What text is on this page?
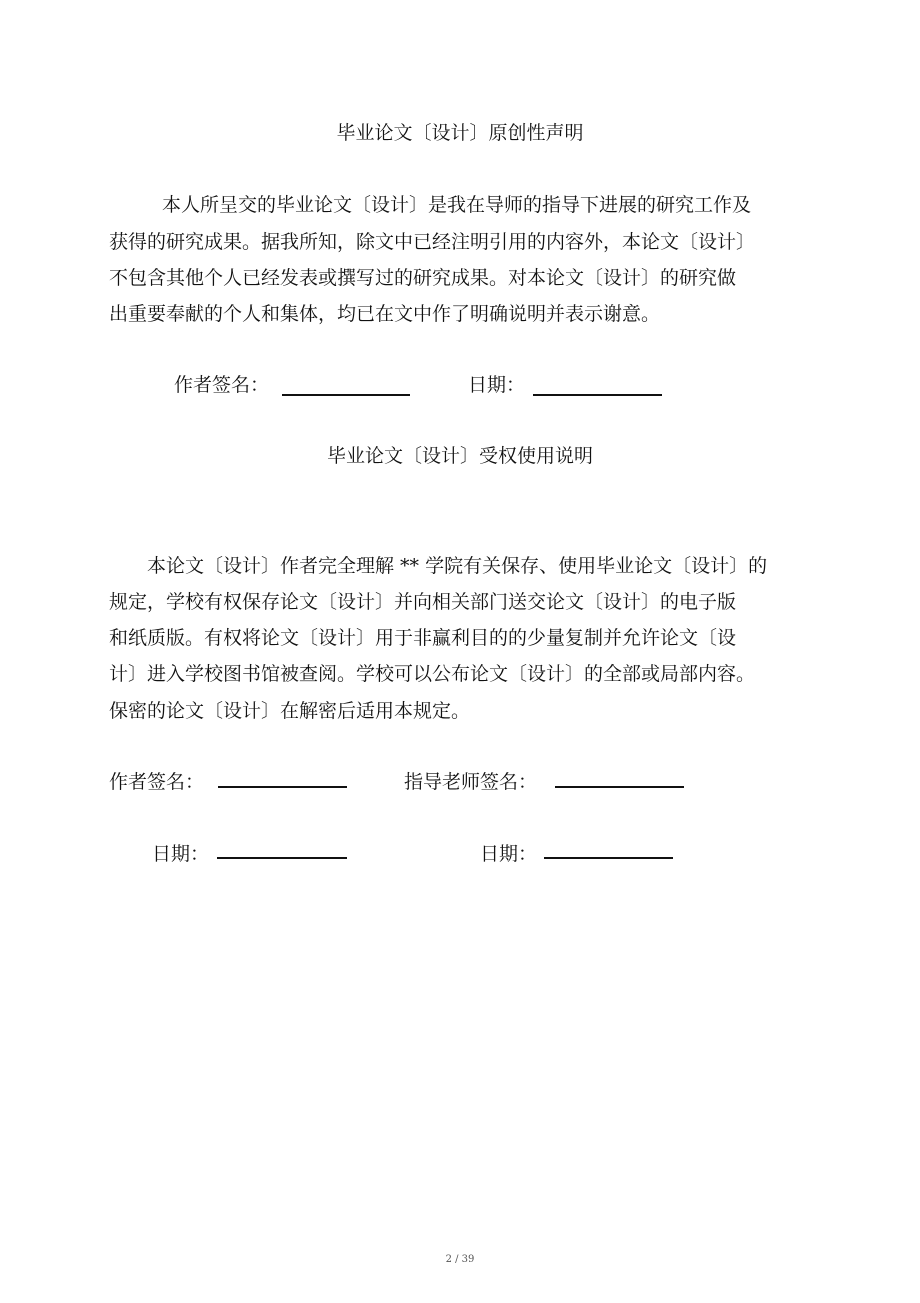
毕业论文〔设计〕原创性声明
本人所呈交的毕业论文〔设计〕是我在导师的指导下进展的研究工作及
获得的研究成果。据我所知，除文中已经注明引用的内容外，本论文〔设计〕
不包含其他个人已经发表或撰写过的研究成果。对本论文〔设计〕的研究做
出重要奉献的个人和集体，均已在文中作了明确说明并表示谢意。
作者签名：	日期：
毕业论文〔设计〕受权使用说明
本论文〔设计〕作者完全理解 ** 学院有关保存、使用毕业论文〔设计〕的
规定，学校有权保存论文〔设计〕并向相关部门送交论文〔设计〕的电子版
和纸质版。有权将论文〔设计〕用于非赢利目的的少量复制并允许论文〔设
计〕进入学校图书馆被查阅。学校可以公布论文〔设计〕的全部或局部内容。
保密的论文〔设计〕在解密后适用本规定。
作者签名：	指导老师签名：
日期：	日期：
2 / 39
